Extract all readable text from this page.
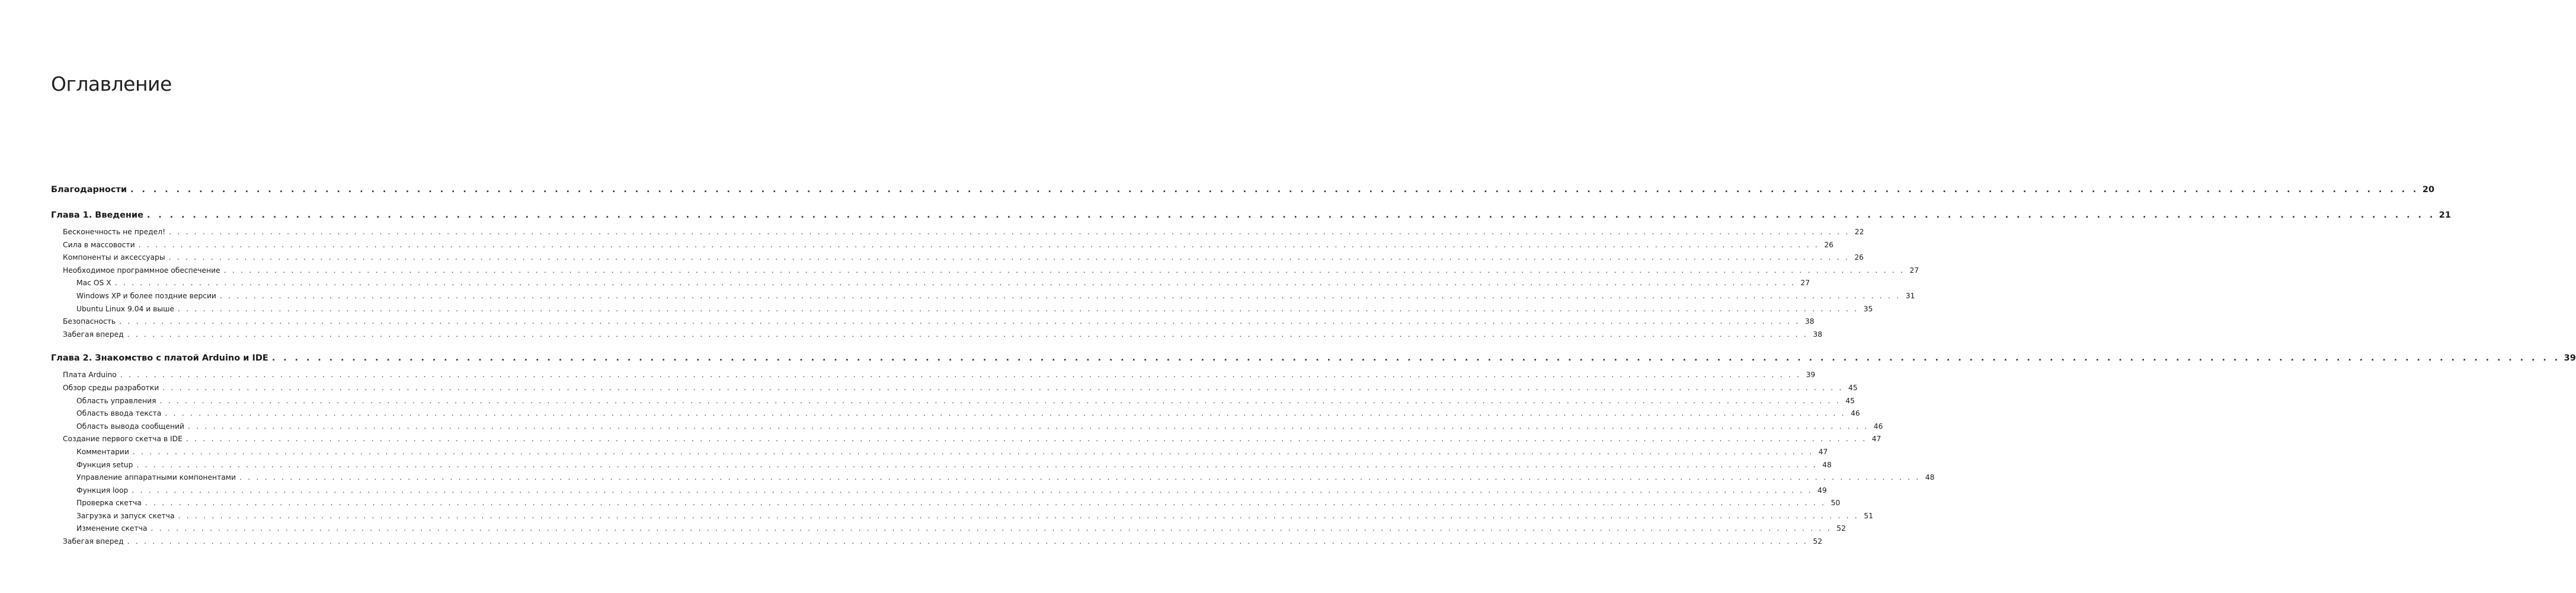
Оглавление
Благодарности . . . . . . . . . . . . . . . . . . . . . . . . . . . . . . . . . . . . . . . . . . . . . . . . . . . . . . . . . . . . . . . . . . . . . . . . . . . . . . . . . . . . . . . . . . . . . . . . . . . . . . . . . . . . . . . . . . . . . . . . . . . . . . . . . . . . . . . . . . . . . . . . . . . . . . . . . . . . . . . . . . . . . . . . . . . . . . . . . . . . . . . . . . . . . . . . . . . . . . . . 20
Глава 1. Введение . . . . . . . . . . . . . . . . . . . . . . . . . . . . . . . . . . . . . . . . . . . . . . . . . . . . . . . . . . . . . . . . . . . . . . . . . . . . . . . . . . . . . . . . . . . . . . . . . . . . . . . . . . . . . . . . . . . . . . . . . . . . . . . . . . . . . . . . . . . . . . . . . . . . . . . . . . . . . . . . . . . . . . . . . . . . . . . . . . . . . . . . . . . . . . . . . . . . . . . . 21
Бесконечность не предел! . . . . . . . . . . . . . . . . . . . . . . . . . . . . . . . . . . . . . . . . . . . . . . . . . . . . . . . . . . . . . . . . . . . . . . . . . . . . . . . . . . . . . . . . . . . . . . . . . . . . . . . . . . . . . . . . . . . . . . . . . . . . . . . . . . . . . . . . . . . . . . . . . . . . . . . . . . . . . . . . . . . . . . . . . . . . . . . . . . . . . . . . . . . . . . . . . . . . . . . . 22
Сила в массовости . . . . . . . . . . . . . . . . . . . . . . . . . . . . . . . . . . . . . . . . . . . . . . . . . . . . . . . . . . . . . . . . . . . . . . . . . . . . . . . . . . . . . . . . . . . . . . . . . . . . . . . . . . . . . . . . . . . . . . . . . . . . . . . . . . . . . . . . . . . . . . . . . . . . . . . . . . . . . . . . . . . . . . . . . . . . . . . . . . . . . . . . . . . . . . . . . . . . . . . . 26
Компоненты и аксессуары . . . . . . . . . . . . . . . . . . . . . . . . . . . . . . . . . . . . . . . . . . . . . . . . . . . . . . . . . . . . . . . . . . . . . . . . . . . . . . . . . . . . . . . . . . . . . . . . . . . . . . . . . . . . . . . . . . . . . . . . . . . . . . . . . . . . . . . . . . . . . . . . . . . . . . . . . . . . . . . . . . . . . . . . . . . . . . . . . . . . . . . . . . . . . . . . . . . . . . . . 26
Необходимое программное обеспечение . . . . . . . . . . . . . . . . . . . . . . . . . . . . . . . . . . . . . . . . . . . . . . . . . . . . . . . . . . . . . . . . . . . . . . . . . . . . . . . . . . . . . . . . . . . . . . . . . . . . . . . . . . . . . . . . . . . . . . . . . . . . . . . . . . . . . . . . . . . . . . . . . . . . . . . . . . . . . . . . . . . . . . . . . . . . . . . . . . . . . . . . . . . . . . . . . . . . . . . . 27
Mac OS X . . . . . . . . . . . . . . . . . . . . . . . . . . . . . . . . . . . . . . . . . . . . . . . . . . . . . . . . . . . . . . . . . . . . . . . . . . . . . . . . . . . . . . . . . . . . . . . . . . . . . . . . . . . . . . . . . . . . . . . . . . . . . . . . . . . . . . . . . . . . . . . . . . . . . . . . . . . . . . . . . . . . . . . . . . . . . . . . . . . . . . . . . . . . . . . . . . . . . . . . 27
Windows XP и более поздние версии . . . . . . . . . . . . . . . . . . . . . . . . . . . . . . . . . . . . . . . . . . . . . . . . . . . . . . . . . . . . . . . . . . . . . . . . . . . . . . . . . . . . . . . . . . . . . . . . . . . . . . . . . . . . . . . . . . . . . . . . . . . . . . . . . . . . . . . . . . . . . . . . . . . . . . . . . . . . . . . . . . . . . . . . . . . . . . . . . . . . . . . . . . . . . . . . . . . . . . . . 31
Ubuntu Linux 9.04 и выше . . . . . . . . . . . . . . . . . . . . . . . . . . . . . . . . . . . . . . . . . . . . . . . . . . . . . . . . . . . . . . . . . . . . . . . . . . . . . . . . . . . . . . . . . . . . . . . . . . . . . . . . . . . . . . . . . . . . . . . . . . . . . . . . . . . . . . . . . . . . . . . . . . . . . . . . . . . . . . . . . . . . . . . . . . . . . . . . . . . . . . . . . . . . . . . . . . . . . . . . 35
Безопасность . . . . . . . . . . . . . . . . . . . . . . . . . . . . . . . . . . . . . . . . . . . . . . . . . . . . . . . . . . . . . . . . . . . . . . . . . . . . . . . . . . . . . . . . . . . . . . . . . . . . . . . . . . . . . . . . . . . . . . . . . . . . . . . . . . . . . . . . . . . . . . . . . . . . . . . . . . . . . . . . . . . . . . . . . . . . . . . . . . . . . . . . . . . . . . . . . . . . . . . . 38
Забегая вперед . . . . . . . . . . . . . . . . . . . . . . . . . . . . . . . . . . . . . . . . . . . . . . . . . . . . . . . . . . . . . . . . . . . . . . . . . . . . . . . . . . . . . . . . . . . . . . . . . . . . . . . . . . . . . . . . . . . . . . . . . . . . . . . . . . . . . . . . . . . . . . . . . . . . . . . . . . . . . . . . . . . . . . . . . . . . . . . . . . . . . . . . . . . . . . . . . . . . . . . . 38
Глава 2. Знакомство с платой Arduino и IDE . . . . . . . . . . . . . . . . . . . . . . . . . . . . . . . . . . . . . . . . . . . . . . . . . . . . . . . . . . . . . . . . . . . . . . . . . . . . . . . . . . . . . . . . . . . . . . . . . . . . . . . . . . . . . . . . . . . . . . . . . . . . . . . . . . . . . . . . . . . . . . . . . . . . . . . . . . . . . . . . . . . . . . . . . . . . . . . . . . . . . . . . . . . . . . . . . . . . . . . . 39
Плата Arduino . . . . . . . . . . . . . . . . . . . . . . . . . . . . . . . . . . . . . . . . . . . . . . . . . . . . . . . . . . . . . . . . . . . . . . . . . . . . . . . . . . . . . . . . . . . . . . . . . . . . . . . . . . . . . . . . . . . . . . . . . . . . . . . . . . . . . . . . . . . . . . . . . . . . . . . . . . . . . . . . . . . . . . . . . . . . . . . . . . . . . . . . . . . . . . . . . . . . . . . . 39
Обзор среды разработки . . . . . . . . . . . . . . . . . . . . . . . . . . . . . . . . . . . . . . . . . . . . . . . . . . . . . . . . . . . . . . . . . . . . . . . . . . . . . . . . . . . . . . . . . . . . . . . . . . . . . . . . . . . . . . . . . . . . . . . . . . . . . . . . . . . . . . . . . . . . . . . . . . . . . . . . . . . . . . . . . . . . . . . . . . . . . . . . . . . . . . . . . . . . . . . . . . . . . . . . 45
Область управления . . . . . . . . . . . . . . . . . . . . . . . . . . . . . . . . . . . . . . . . . . . . . . . . . . . . . . . . . . . . . . . . . . . . . . . . . . . . . . . . . . . . . . . . . . . . . . . . . . . . . . . . . . . . . . . . . . . . . . . . . . . . . . . . . . . . . . . . . . . . . . . . . . . . . . . . . . . . . . . . . . . . . . . . . . . . . . . . . . . . . . . . . . . . . . . . . . . . . . . . 45
Область ввода текста . . . . . . . . . . . . . . . . . . . . . . . . . . . . . . . . . . . . . . . . . . . . . . . . . . . . . . . . . . . . . . . . . . . . . . . . . . . . . . . . . . . . . . . . . . . . . . . . . . . . . . . . . . . . . . . . . . . . . . . . . . . . . . . . . . . . . . . . . . . . . . . . . . . . . . . . . . . . . . . . . . . . . . . . . . . . . . . . . . . . . . . . . . . . . . . . . . . . . . . . 46
Область вывода сообщений . . . . . . . . . . . . . . . . . . . . . . . . . . . . . . . . . . . . . . . . . . . . . . . . . . . . . . . . . . . . . . . . . . . . . . . . . . . . . . . . . . . . . . . . . . . . . . . . . . . . . . . . . . . . . . . . . . . . . . . . . . . . . . . . . . . . . . . . . . . . . . . . . . . . . . . . . . . . . . . . . . . . . . . . . . . . . . . . . . . . . . . . . . . . . . . . . . . . . . . . 46
Создание первого скетча в IDE . . . . . . . . . . . . . . . . . . . . . . . . . . . . . . . . . . . . . . . . . . . . . . . . . . . . . . . . . . . . . . . . . . . . . . . . . . . . . . . . . . . . . . . . . . . . . . . . . . . . . . . . . . . . . . . . . . . . . . . . . . . . . . . . . . . . . . . . . . . . . . . . . . . . . . . . . . . . . . . . . . . . . . . . . . . . . . . . . . . . . . . . . . . . . . . . . . . . . . . . 47
Комментарии . . . . . . . . . . . . . . . . . . . . . . . . . . . . . . . . . . . . . . . . . . . . . . . . . . . . . . . . . . . . . . . . . . . . . . . . . . . . . . . . . . . . . . . . . . . . . . . . . . . . . . . . . . . . . . . . . . . . . . . . . . . . . . . . . . . . . . . . . . . . . . . . . . . . . . . . . . . . . . . . . . . . . . . . . . . . . . . . . . . . . . . . . . . . . . . . . . . . . . . . 47
Функция setup . . . . . . . . . . . . . . . . . . . . . . . . . . . . . . . . . . . . . . . . . . . . . . . . . . . . . . . . . . . . . . . . . . . . . . . . . . . . . . . . . . . . . . . . . . . . . . . . . . . . . . . . . . . . . . . . . . . . . . . . . . . . . . . . . . . . . . . . . . . . . . . . . . . . . . . . . . . . . . . . . . . . . . . . . . . . . . . . . . . . . . . . . . . . . . . . . . . . . . . . 48
Управление аппаратными компонентами . . . . . . . . . . . . . . . . . . . . . . . . . . . . . . . . . . . . . . . . . . . . . . . . . . . . . . . . . . . . . . . . . . . . . . . . . . . . . . . . . . . . . . . . . . . . . . . . . . . . . . . . . . . . . . . . . . . . . . . . . . . . . . . . . . . . . . . . . . . . . . . . . . . . . . . . . . . . . . . . . . . . . . . . . . . . . . . . . . . . . . . . . . . . . . . . . . . . . . . . 48
Функция loop . . . . . . . . . . . . . . . . . . . . . . . . . . . . . . . . . . . . . . . . . . . . . . . . . . . . . . . . . . . . . . . . . . . . . . . . . . . . . . . . . . . . . . . . . . . . . . . . . . . . . . . . . . . . . . . . . . . . . . . . . . . . . . . . . . . . . . . . . . . . . . . . . . . . . . . . . . . . . . . . . . . . . . . . . . . . . . . . . . . . . . . . . . . . . . . . . . . . . . . . 49
Проверка скетча . . . . . . . . . . . . . . . . . . . . . . . . . . . . . . . . . . . . . . . . . . . . . . . . . . . . . . . . . . . . . . . . . . . . . . . . . . . . . . . . . . . . . . . . . . . . . . . . . . . . . . . . . . . . . . . . . . . . . . . . . . . . . . . . . . . . . . . . . . . . . . . . . . . . . . . . . . . . . . . . . . . . . . . . . . . . . . . . . . . . . . . . . . . . . . . . . . . . . . . . 50
Загрузка и запуск скетча . . . . . . . . . . . . . . . . . . . . . . . . . . . . . . . . . . . . . . . . . . . . . . . . . . . . . . . . . . . . . . . . . . . . . . . . . . . . . . . . . . . . . . . . . . . . . . . . . . . . . . . . . . . . . . . . . . . . . . . . . . . . . . . . . . . . . . . . . . . . . . . . . . . . . . . . . . . . . . . . . . . . . . . . . . . . . . . . . . . . . . . . . . . . . . . . . . . . . . . . 51
Изменение скетча . . . . . . . . . . . . . . . . . . . . . . . . . . . . . . . . . . . . . . . . . . . . . . . . . . . . . . . . . . . . . . . . . . . . . . . . . . . . . . . . . . . . . . . . . . . . . . . . . . . . . . . . . . . . . . . . . . . . . . . . . . . . . . . . . . . . . . . . . . . . . . . . . . . . . . . . . . . . . . . . . . . . . . . . . . . . . . . . . . . . . . . . . . . . . . . . . . . . . . . . 52
Забегая вперед . . . . . . . . . . . . . . . . . . . . . . . . . . . . . . . . . . . . . . . . . . . . . . . . . . . . . . . . . . . . . . . . . . . . . . . . . . . . . . . . . . . . . . . . . . . . . . . . . . . . . . . . . . . . . . . . . . . . . . . . . . . . . . . . . . . . . . . . . . . . . . . . . . . . . . . . . . . . . . . . . . . . . . . . . . . . . . . . . . . . . . . . . . . . . . . . . . . . . . . . 52
